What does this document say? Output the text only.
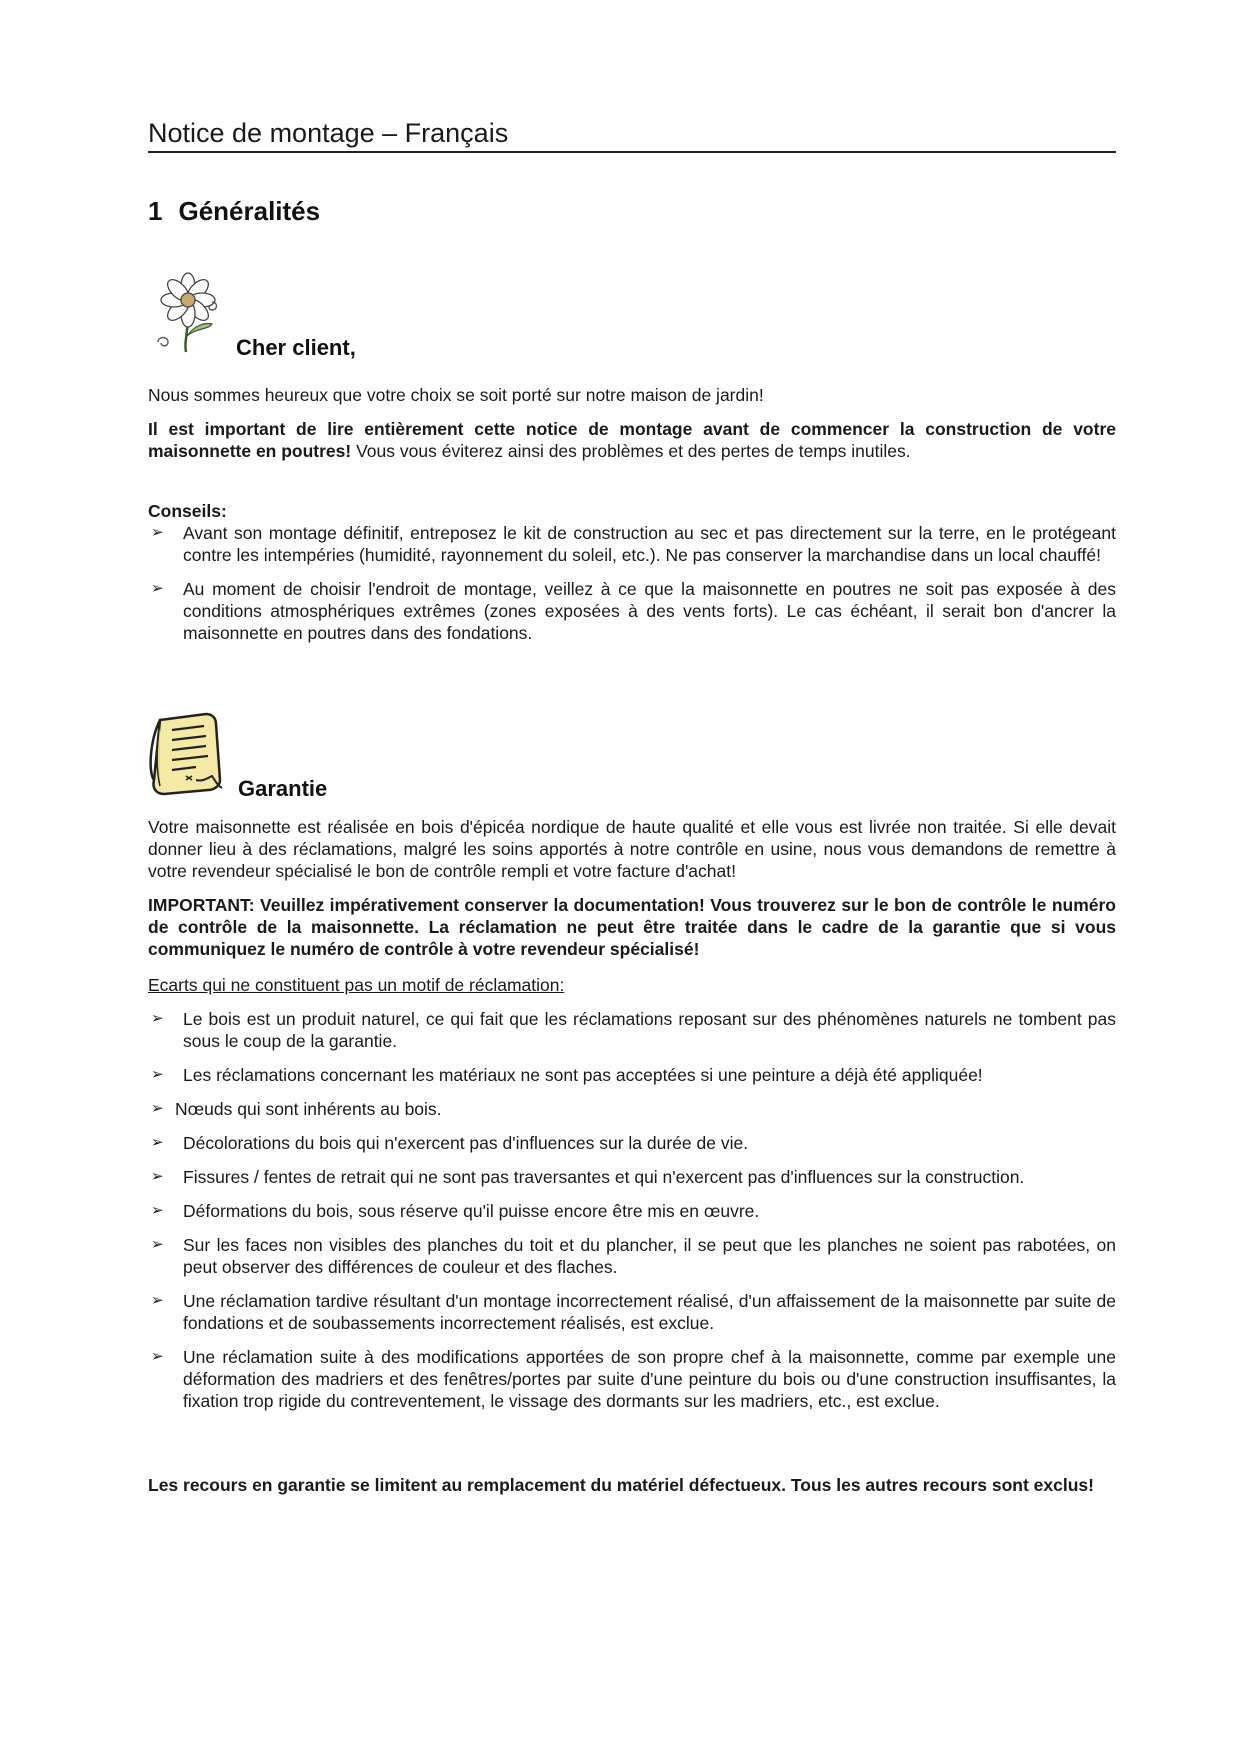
Notice de montage – Français
1 Généralités
Cher client,
Nous sommes heureux que votre choix se soit porté sur notre maison de jardin!
Il est important de lire entièrement cette notice de montage avant de commencer la construction de votre maisonnette en poutres! Vous vous éviterez ainsi des problèmes et des pertes de temps inutiles.
Conseils:
➢ Avant son montage définitif, entreposez le kit de construction au sec et pas directement sur la terre, en le protégeant contre les intempéries (humidité, rayonnement du soleil, etc.). Ne pas conserver la marchandise dans un local chauffé!
➢ Au moment de choisir l'endroit de montage, veillez à ce que la maisonnette en poutres ne soit pas exposée à des conditions atmosphériques extrêmes (zones exposées à des vents forts). Le cas échéant, il serait bon d'ancrer la maisonnette en poutres dans des fondations.
Garantie
Votre maisonnette est réalisée en bois d'épicéa nordique de haute qualité et elle vous est livrée non traitée. Si elle devait donner lieu à des réclamations, malgré les soins apportés à notre contrôle en usine, nous vous demandons de remettre à votre revendeur spécialisé le bon de contrôle rempli et votre facture d'achat!
IMPORTANT: Veuillez impérativement conserver la documentation! Vous trouverez sur le bon de contrôle le numéro de contrôle de la maisonnette. La réclamation ne peut être traitée dans le cadre de la garantie que si vous communiquez le numéro de contrôle à votre revendeur spécialisé!
Ecarts qui ne constituent pas un motif de réclamation:
➢ Le bois est un produit naturel, ce qui fait que les réclamations reposant sur des phénomènes naturels ne tombent pas sous le coup de la garantie.
➢ Les réclamations concernant les matériaux ne sont pas acceptées si une peinture a déjà été appliquée!
➢ Nœuds qui sont inhérents au bois.
➢ Décolorations du bois qui n'exercent pas d'influences sur la durée de vie.
➢ Fissures / fentes de retrait qui ne sont pas traversantes et qui n'exercent pas d'influences sur la construction.
➢ Déformations du bois, sous réserve qu'il puisse encore être mis en œuvre.
➢ Sur les faces non visibles des planches du toit et du plancher, il se peut que les planches ne soient pas rabotées, on peut observer des différences de couleur et des flaches.
➢ Une réclamation tardive résultant d'un montage incorrectement réalisé, d'un affaissement de la maisonnette par suite de fondations et de soubassements incorrectement réalisés, est exclue.
➢ Une réclamation suite à des modifications apportées de son propre chef à la maisonnette, comme par exemple une déformation des madriers et des fenêtres/portes par suite d'une peinture du bois ou d'une construction insuffisantes, la fixation trop rigide du contreventement, le vissage des dormants sur les madriers, etc., est exclue.
Les recours en garantie se limitent au remplacement du matériel défectueux. Tous les autres recours sont exclus!
